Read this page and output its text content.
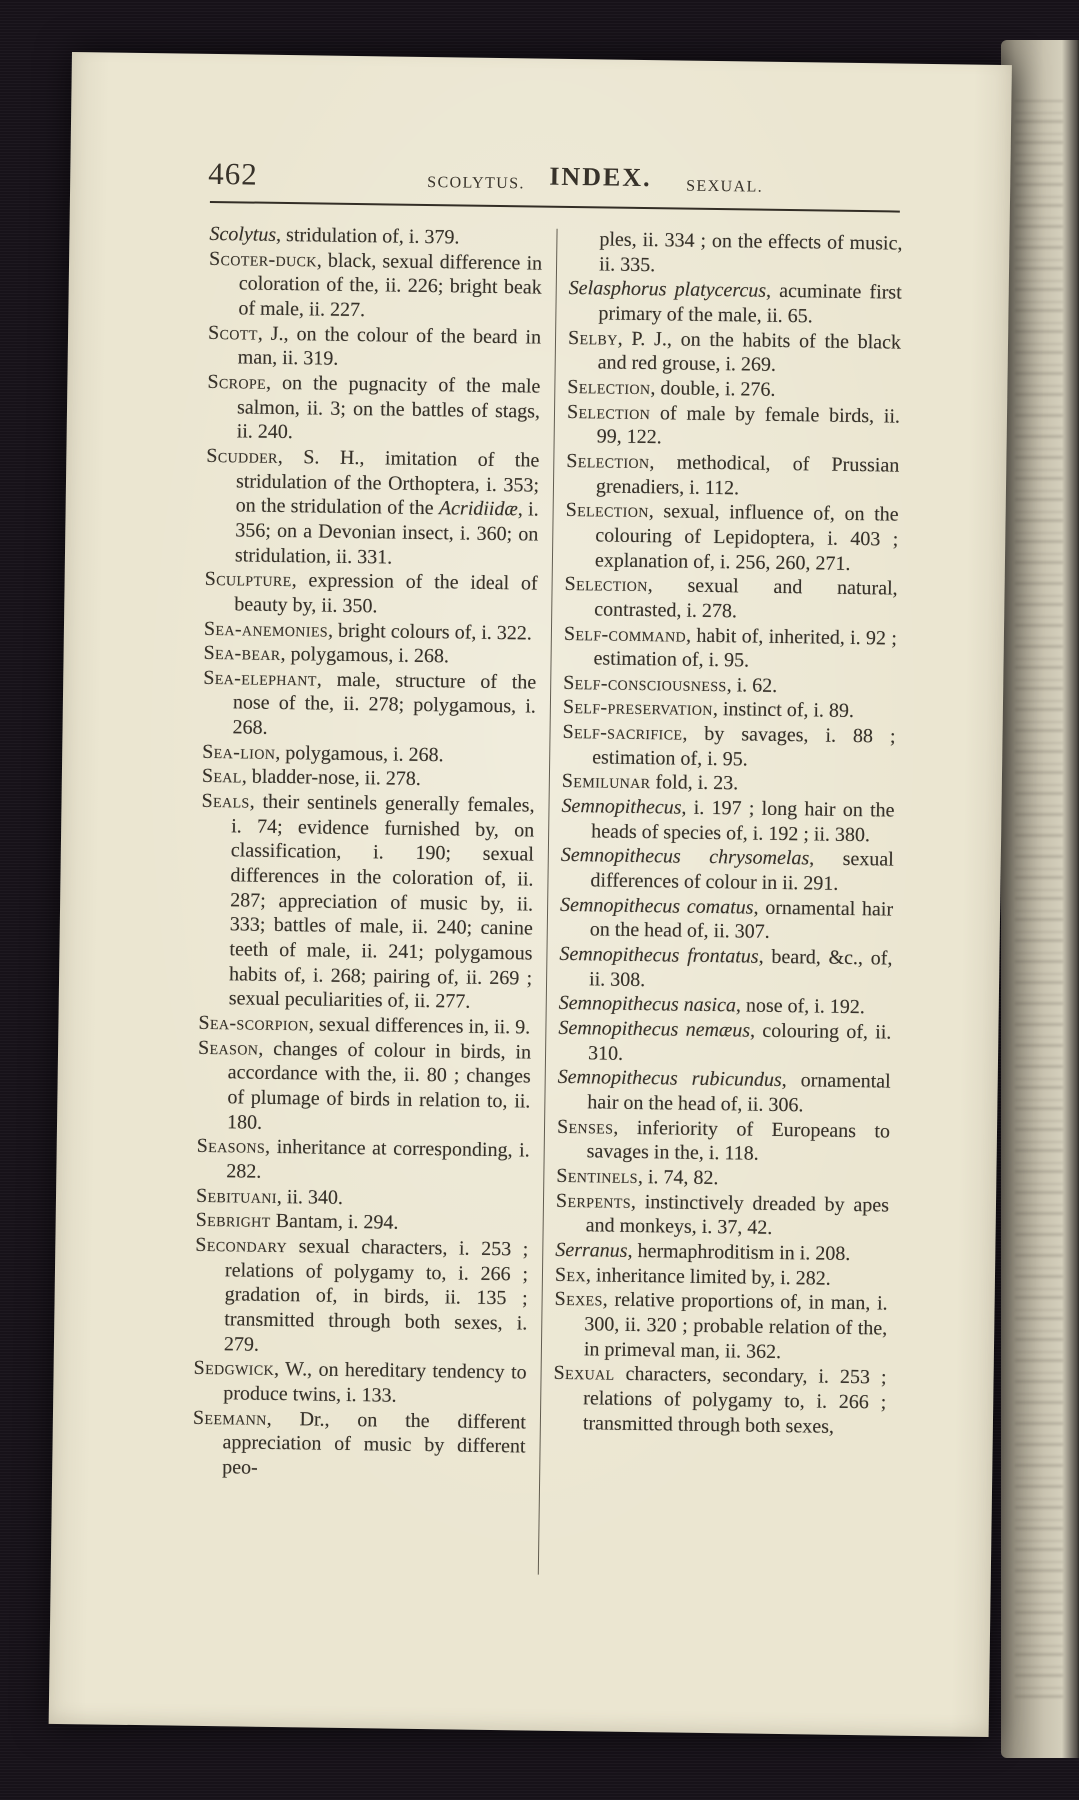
462	SCOLYTUS. INDEX. SEXUAL.
Scolytus, stridulation of, i. 379.
Scoter-duck, black, sexual difference in coloration of the, ii. 226; bright beak of male, ii. 227.
Scott, J., on the colour of the beard in man, ii. 319.
Scrope, on the pugnacity of the male salmon, ii. 3; on the battles of stags, ii. 240.
Scudder, S. H., imitation of the stridulation of the Orthoptera, i. 353; on the stridulation of the Acridiidæ, i. 356; on a Devonian insect, i. 360; on stridulation, ii. 331.
Sculpture, expression of the ideal of beauty by, ii. 350.
Sea-anemonies, bright colours of, i. 322.
Sea-bear, polygamous, i. 268.
Sea-elephant, male, structure of the nose of the, ii. 278; polygamous, i. 268.
Sea-lion, polygamous, i. 268.
Seal, bladder-nose, ii. 278.
Seals, their sentinels generally females, i. 74; evidence furnished by, on classification, i. 190; sexual differences in the coloration of, ii. 287; appreciation of music by, ii. 333; battles of male, ii. 240; canine teeth of male, ii. 241; polygamous habits of, i. 268; pairing of, ii. 269 ; sexual peculiarities of, ii. 277.
Sea-scorpion, sexual differences in, ii. 9.
Season, changes of colour in birds, in accordance with the, ii. 80 ; changes of plumage of birds in relation to, ii. 180.
Seasons, inheritance at corresponding, i. 282.
Sebituani, ii. 340.
Sebright Bantam, i. 294.
Secondary sexual characters, i. 253 ; relations of polygamy to, i. 266 ; gradation of, in birds, ii. 135 ; transmitted through both sexes, i. 279.
Sedgwick, W., on hereditary tendency to produce twins, i. 133.
Seemann, Dr., on the different appreciation of music by different peo-
ples, ii. 334 ; on the effects of music, ii. 335.
Selasphorus platycercus, acuminate first primary of the male, ii. 65.
Selby, P. J., on the habits of the black and red grouse, i. 269.
Selection, double, i. 276.
Selection of male by female birds, ii. 99, 122.
Selection, methodical, of Prussian grenadiers, i. 112.
Selection, sexual, influence of, on the colouring of Lepidoptera, i. 403 ; explanation of, i. 256, 260, 271.
Selection, sexual and natural, contrasted, i. 278.
Self-command, habit of, inherited, i. 92 ; estimation of, i. 95.
Self-consciousness, i. 62.
Self-preservation, instinct of, i. 89.
Self-sacrifice, by savages, i. 88 ; estimation of, i. 95.
Semilunar fold, i. 23.
Semnopithecus, i. 197 ; long hair on the heads of species of, i. 192 ; ii. 380.
Semnopithecus chrysomelas, sexual differences of colour in ii. 291.
Semnopithecus comatus, ornamental hair on the head of, ii. 307.
Semnopithecus frontatus, beard, &c., of, ii. 308.
Semnopithecus nasica, nose of, i. 192.
Semnopithecus nemæus, colouring of, ii. 310.
Semnopithecus rubicundus, ornamental hair on the head of, ii. 306.
Senses, inferiority of Europeans to savages in the, i. 118.
Sentinels, i. 74, 82.
Serpents, instinctively dreaded by apes and monkeys, i. 37, 42.
Serranus, hermaphroditism in i. 208.
Sex, inheritance limited by, i. 282.
Sexes, relative proportions of, in man, i. 300, ii. 320 ; probable relation of the, in primeval man, ii. 362.
Sexual characters, secondary, i. 253 ; relations of polygamy to, i. 266 ; transmitted through both sexes,
